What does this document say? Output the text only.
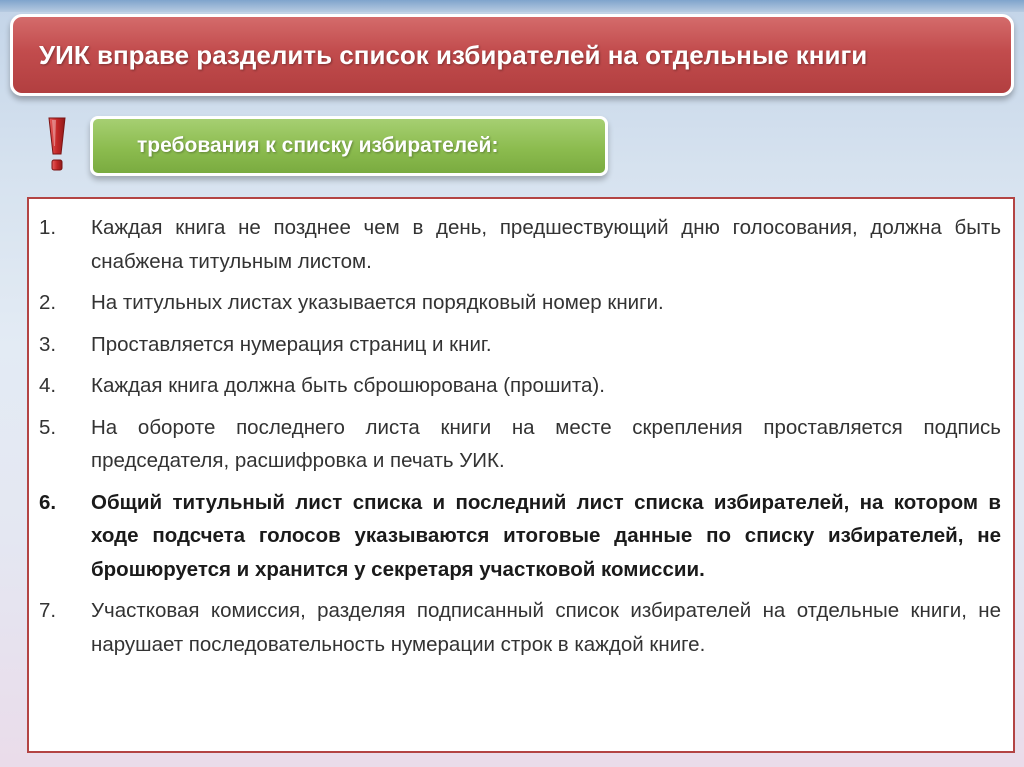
УИК вправе разделить список избирателей на отдельные книги
требования к списку избирателей:
1.	Каждая книга не позднее чем в день, предшествующий дню голосования, должна быть снабжена титульным листом.
2.	На титульных листах указывается порядковый номер книги.
3.	Проставляется нумерация страниц и книг.
4.	Каждая книга должна быть сброшюрована (прошита).
5.	На обороте последнего листа книги на месте скрепления проставляется подпись председателя, расшифровка и печать УИК.
6.	Общий титульный лист списка и последний лист списка избирателей, на котором в ходе подсчета голосов указываются итоговые данные по списку избирателей, не брошюруется и хранится у секретаря участковой комиссии.
7.	Участковая комиссия, разделяя подписанный список избирателей на отдельные книги, не нарушает последовательность нумерации строк в каждой книге.
